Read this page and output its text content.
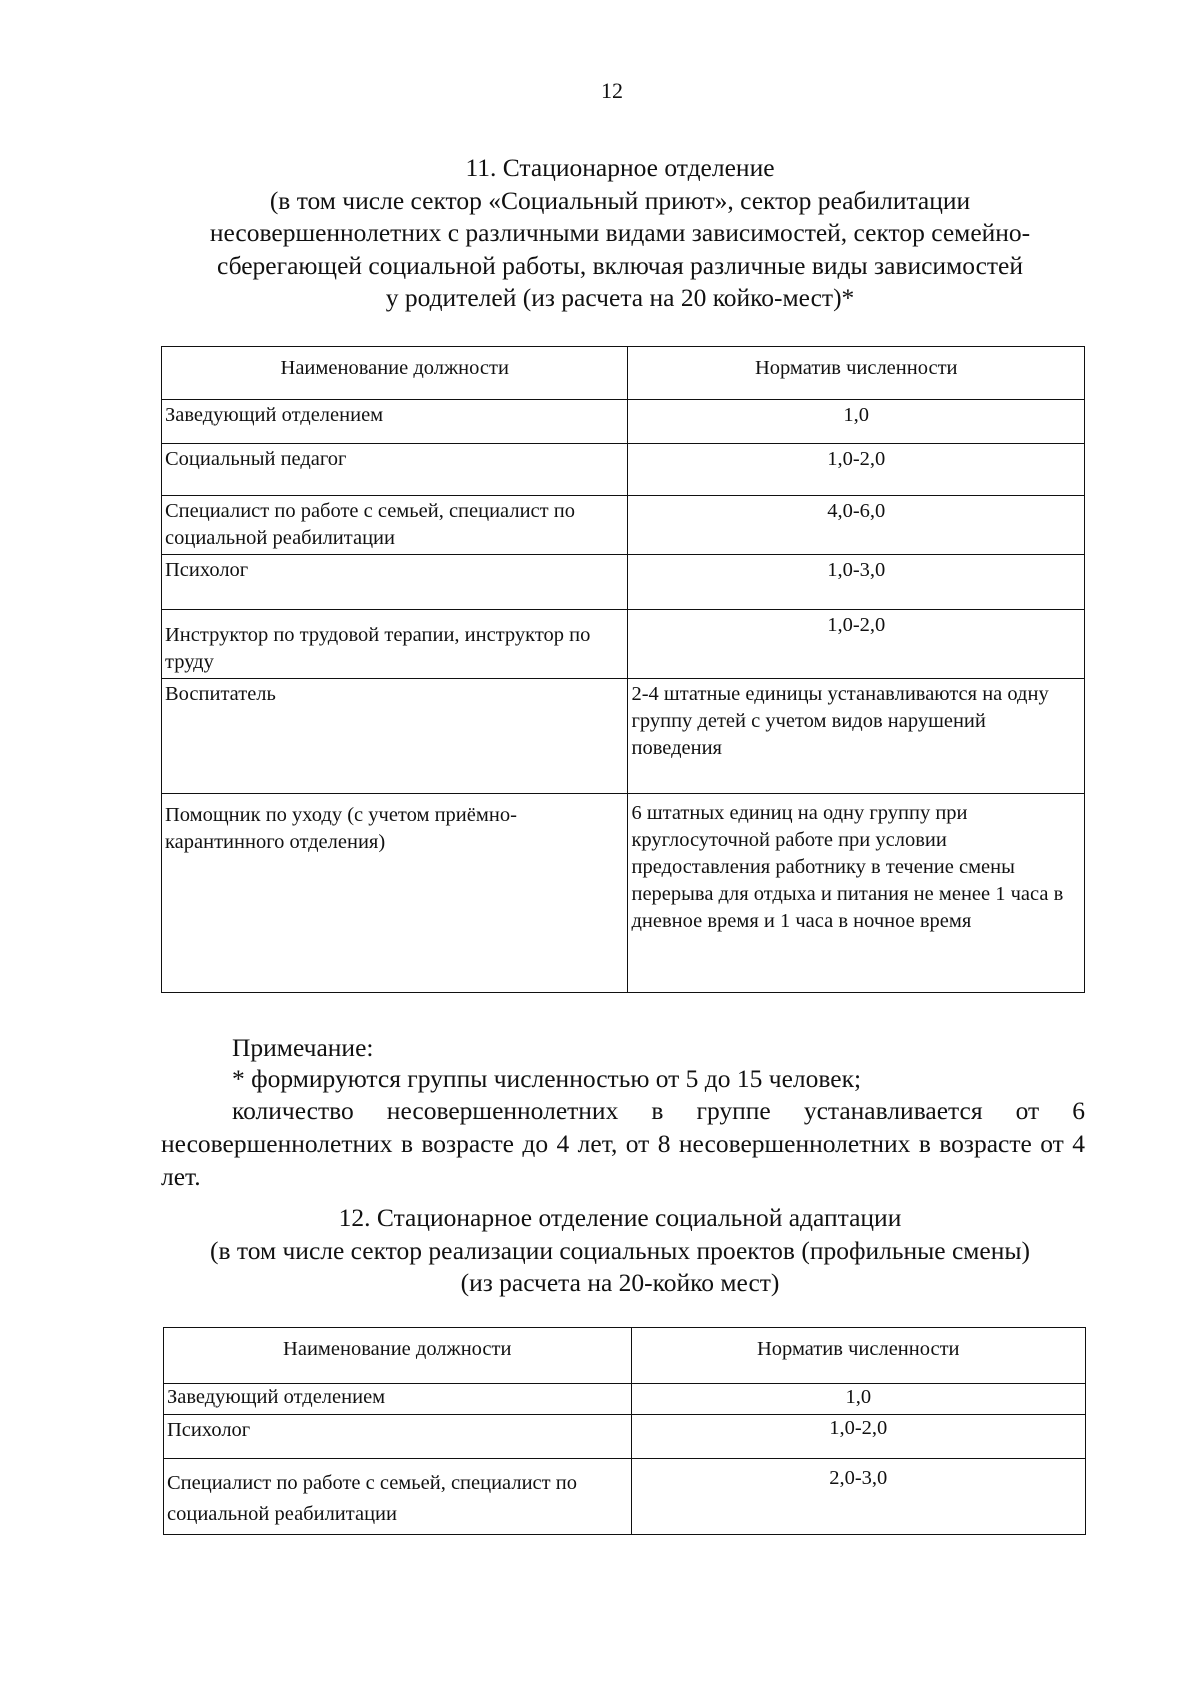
12
11. Стационарное отделение
(в том числе сектор «Социальный приют», сектор реабилитации
несовершеннолетних с различными видами зависимостей, сектор семейно-
сберегающей социальной работы, включая различные виды зависимостей
у родителей (из расчета на 20 койко-мест)*
Наименование должности	Норматив численности
Заведующий отделением	1,0
Социальный педагог	1,0-2,0
Специалист по работе с семьей, специалист по социальной реабилитации	4,0-6,0
Психолог	1,0-3,0
Инструктор по трудовой терапии, инструктор по труду	1,0-2,0
Воспитатель	2-4 штатные единицы устанавливаются на одну группу детей с учетом видов нарушений поведения
Помощник по уходу (с учетом приёмно-карантинного отделения)	6 штатных единиц на одну группу при круглосуточной работе при условии предоставления работнику в течение смены перерыва для отдыха и питания не менее 1 часа в дневное время и 1 часа в ночное время

Примечание:

* формируются группы численностью от 5 до 15 человек;

количество несовершеннолетних в группе устанавливается от 6 несовершеннолетних в возрасте до 4 лет, от 8 несовершеннолетних в возрасте от 4 лет.

12. Стационарное отделение социальной адаптации
(в том числе сектор реализации социальных проектов (профильные смены)
(из расчета на 20-койко мест)
Наименование должности	Норматив численности
Заведующий отделением	1,0
Психолог	1,0-2,0
Специалист по работе с семьей, специалист по социальной реабилитации	2,0-3,0
